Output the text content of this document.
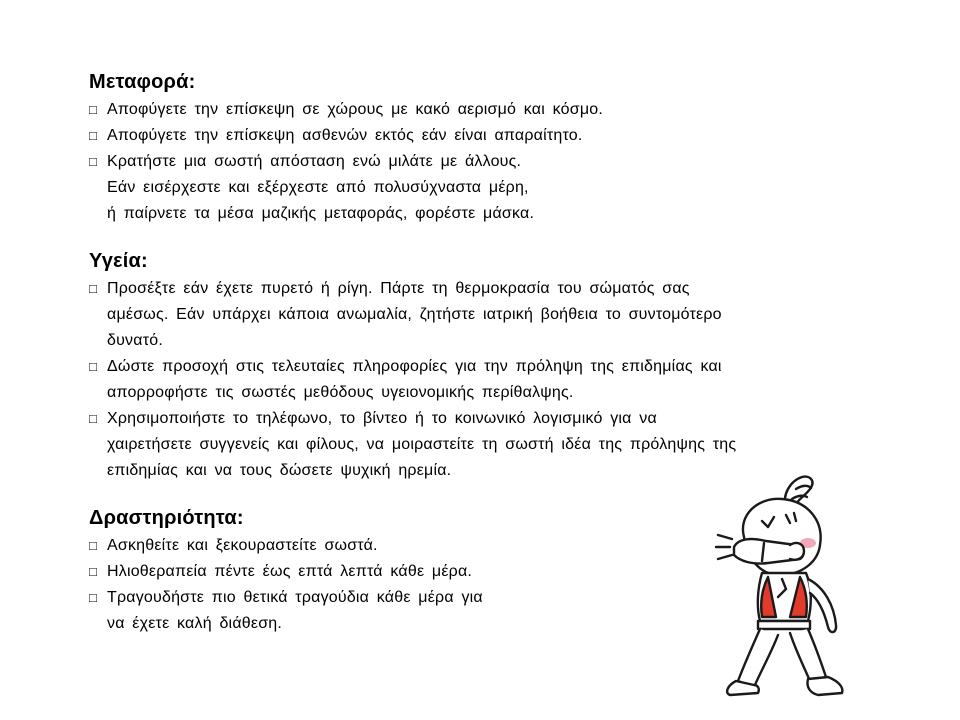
Μεταφορά:
□ Αποφύγετε την επίσκεψη σε χώρους με κακό αερισμό και κόσμο.
□ Αποφύγετε την επίσκεψη ασθενών εκτός εάν είναι απαραίτητο.
□ Κρατήστε μια σωστή απόσταση ενώ μιλάτε με άλλους.
Εάν εισέρχεστε και εξέρχεστε από πολυσύχναστα μέρη,
ή παίρνετε τα μέσα μαζικής μεταφοράς, φορέστε μάσκα.
Υγεία:
□ Προσέξτε εάν έχετε πυρετό ή ρίγη. Πάρτε τη θερμοκρασία του σώματός σας
αμέσως. Εάν υπάρχει κάποια ανωμαλία, ζητήστε ιατρική βοήθεια το συντομότερο
δυνατό.
□ Δώστε προσοχή στις τελευταίες πληροφορίες για την πρόληψη της επιδημίας και
απορροφήστε τις σωστές μεθόδους υγειονομικής περίθαλψης.
□ Χρησιμοποιήστε το τηλέφωνο, το βίντεο ή το κοινωνικό λογισμικό για να
χαιρετήσετε συγγενείς και φίλους, να μοιραστείτε τη σωστή ιδέα της πρόληψης της
επιδημίας και να τους δώσετε ψυχική ηρεμία.
Δραστηριότητα:
□ Ασκηθείτε και ξεκουραστείτε σωστά.
□ Ηλιοθεραπεία πέντε έως επτά λεπτά κάθε μέρα.
□ Τραγουδήστε πιο θετικά τραγούδια κάθε μέρα για
να έχετε καλή διάθεση.
